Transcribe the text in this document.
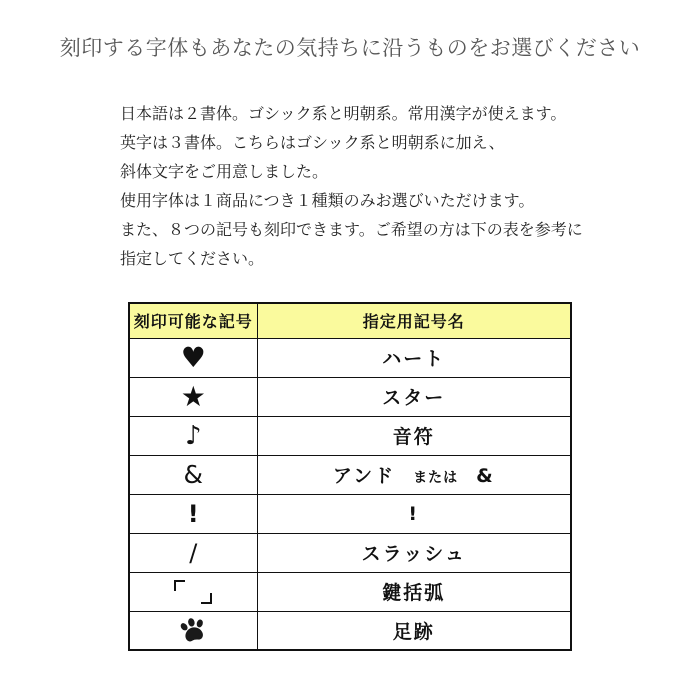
刻印する字体もあなたの気持ちに沿うものをお選びください
日本語は２書体。ゴシック系と明朝系。常用漢字が使えます。
英字は３書体。こちらはゴシック系と明朝系に加え、
斜体文字をご用意しました。
使用字体は１商品につき１種類のみお選びいただけます。
また、８つの記号も刻印できます。ご希望の方は下の表を参考に
指定してください。
刻印可能な記号	指定用記号名
♥	ハート
★	スター
♪	音符
&	アンド または &
!	!
/	スラッシュ
	鍵括弧
	足跡
